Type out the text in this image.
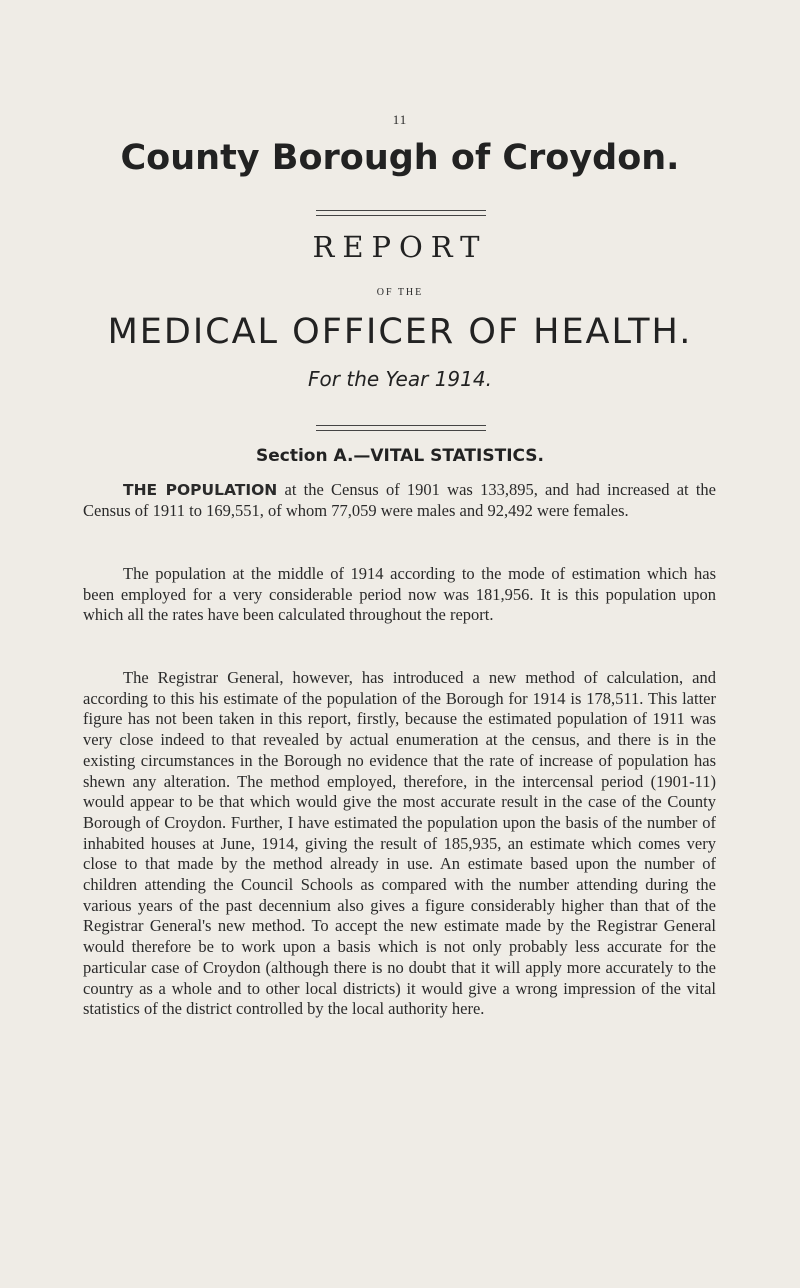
11
County Borough of Croydon.
REPORT
OF THE
MEDICAL OFFICER OF HEALTH.
For the Year 1914.
Section A.—VITAL STATISTICS.

THE POPULATION at the Census of 1901 was 133,895, and had increased at the Census of 1911 to 169,551, of whom 77,059 were males and 92,492 were females.

The population at the middle of 1914 according to the mode of estimation which has been employed for a very considerable period now was 181,956. It is this population upon which all the rates have been calculated throughout the report.

The Registrar General, however, has introduced a new method of calculation, and according to this his estimate of the population of the Borough for 1914 is 178,511. This latter figure has not been taken in this report, firstly, because the estimated population of 1911 was very close indeed to that revealed by actual enumeration at the census, and there is in the existing circumstances in the Borough no evidence that the rate of increase of population has shewn any alteration. The method employed, therefore, in the intercensal period (1901-11) would appear to be that which would give the most accurate result in the case of the County Borough of Croydon. Further, I have estimated the population upon the basis of the number of inhabited houses at June, 1914, giving the result of 185,935, an estimate which comes very close to that made by the method already in use. An estimate based upon the number of children attending the Council Schools as compared with the number attending during the various years of the past decennium also gives a figure considerably higher than that of the Registrar General's new method. To accept the new estimate made by the Registrar General would therefore be to work upon a basis which is not only probably less accurate for the particular case of Croydon (although there is no doubt that it will apply more accurately to the country as a whole and to other local districts) it would give a wrong impression of the vital statistics of the district controlled by the local authority here.
